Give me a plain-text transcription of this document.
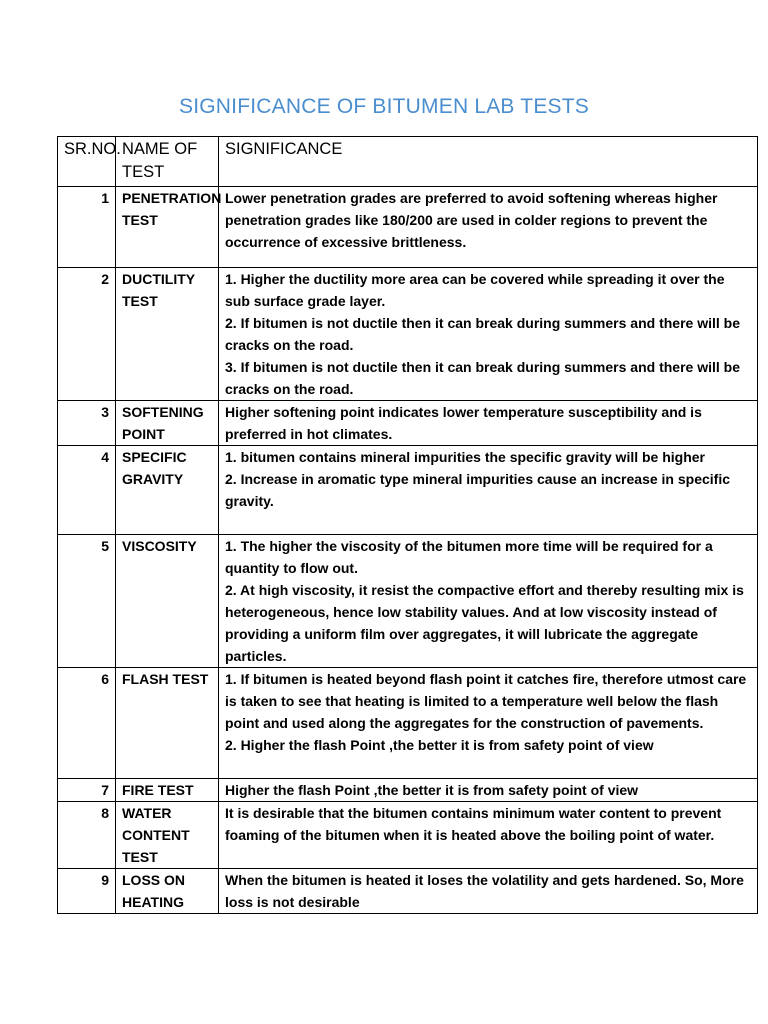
SIGNIFICANCE OF BITUMEN LAB TESTS
SR.NO.	NAME OF TEST	SIGNIFICANCE
1	PENETRATION TEST	Lower penetration grades are preferred to avoid softening whereas higher penetration grades like 180/200 are used in colder regions to prevent the occurrence of excessive brittleness.

2	DUCTILITY TEST	1. Higher the ductility more area can be covered while spreading it over the sub surface grade layer.
2. If bitumen is not ductile then it can break during summers and there will be cracks on the road.
3. If bitumen is not ductile then it can break during summers and there will be cracks on the road.

3	SOFTENING POINT	Higher softening point indicates lower temperature susceptibility and is preferred in hot climates.

4	SPECIFIC GRAVITY	1. bitumen contains mineral impurities the specific gravity will be higher
2. Increase in aromatic type mineral impurities cause an increase in specific gravity.

5	VISCOSITY	1. The higher the viscosity of the bitumen more time will be required for a quantity to flow out.
2. At high viscosity, it resist the compactive effort and thereby resulting mix is heterogeneous, hence low stability values. And at low viscosity instead of providing a uniform film over aggregates, it will lubricate the aggregate particles.

6	FLASH TEST	1. If bitumen is heated beyond flash point it catches fire, therefore utmost care is taken to see that heating is limited to a temperature well below the flash point and used along the aggregates for the construction of pavements.
2. Higher the flash Point ,the better it is from safety point of view

7	FIRE TEST	Higher the flash Point ,the better it is from safety point of view

8	WATER CONTENT TEST	It is desirable that the bitumen contains minimum water content to prevent foaming of the bitumen when it is heated above the boiling point of water.

9	LOSS ON HEATING	When the bitumen is heated it loses the volatility and gets hardened. So, More loss is not desirable
